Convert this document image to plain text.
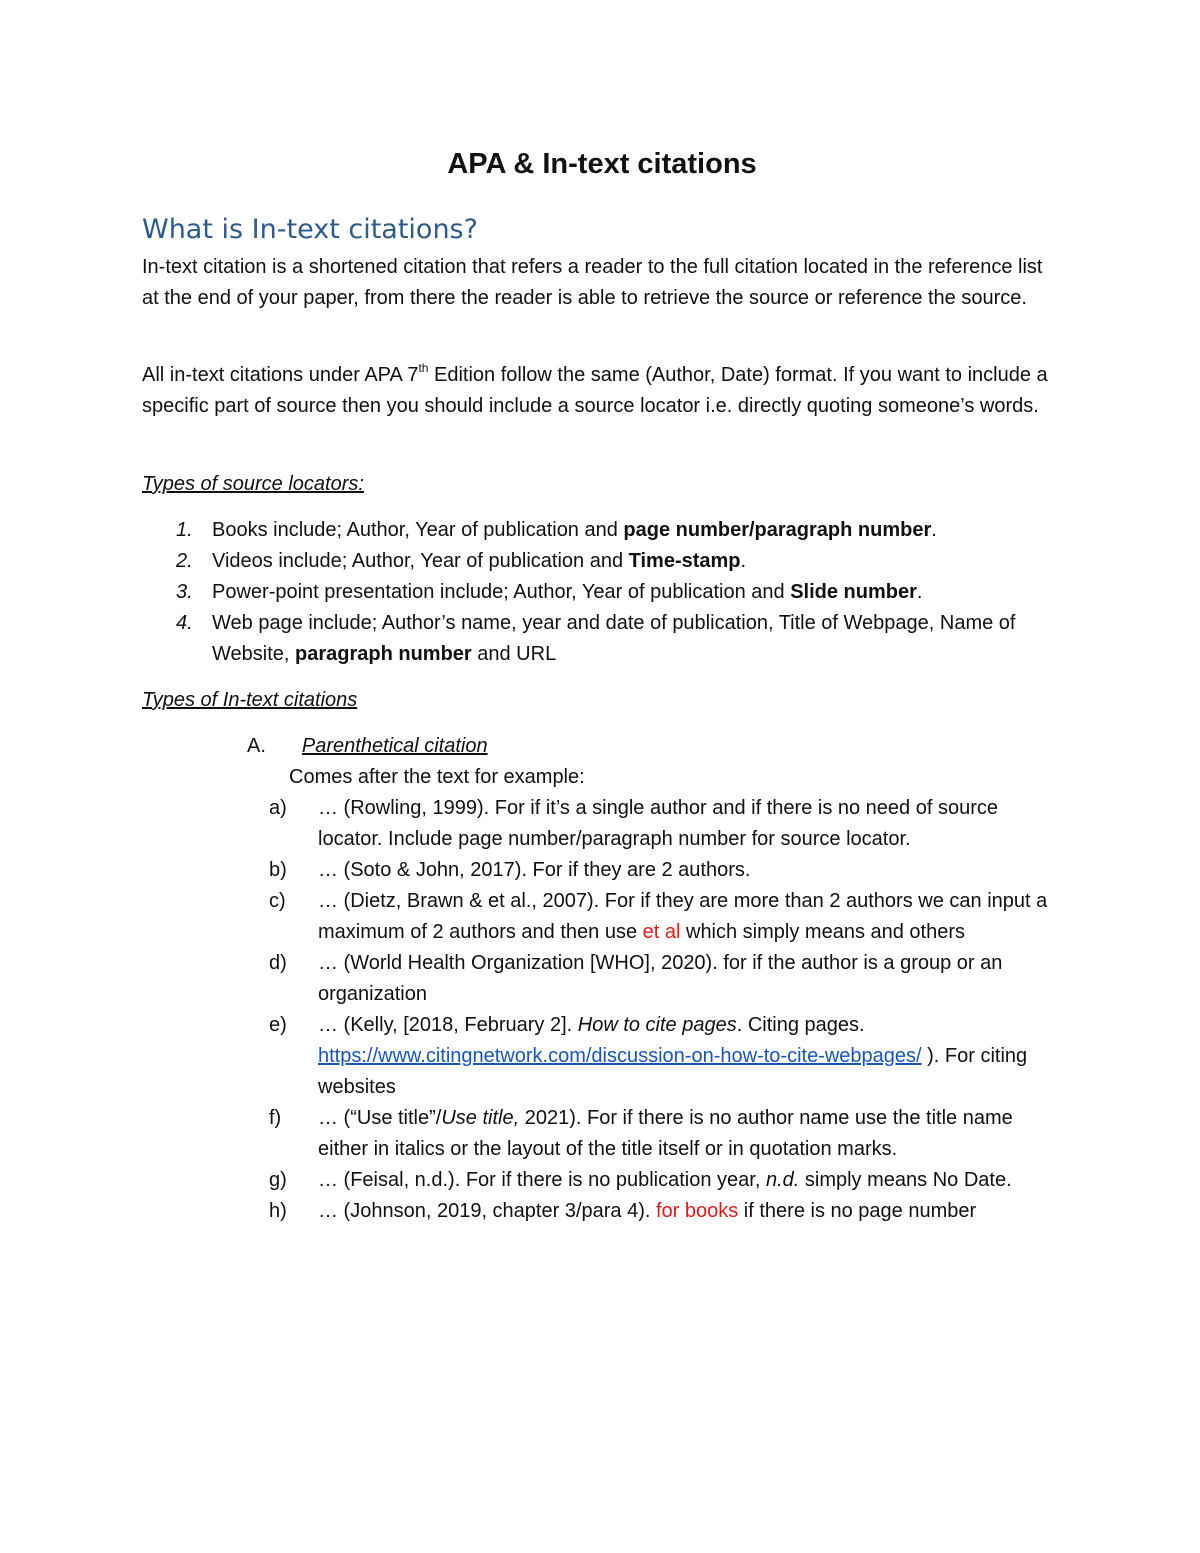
APA & In-text citations
What is In-text citations?

In-text citation is a shortened citation that refers a reader to the full citation located in the reference list at the end of your paper, from there the reader is able to retrieve the source or reference the source.

All in-text citations under APA 7th Edition follow the same (Author, Date) format. If you want to include a specific part of source then you should include a source locator i.e. directly quoting someone’s words.

Types of source locators:

1. Books include; Author, Year of publication and page number/paragraph number.
2. Videos include; Author, Year of publication and Time-stamp.
3. Power-point presentation include; Author, Year of publication and Slide number.
4. Web page include; Author’s name, year and date of publication, Title of Webpage, Name of Website, paragraph number and URL

Types of In-text citations

A. Parenthetical citation
Comes after the text for example:
a) … (Rowling, 1999). For if it’s a single author and if there is no need of source locator. Include page number/paragraph number for source locator.
b) … (Soto & John, 2017). For if they are 2 authors.
c) … (Dietz, Brawn & et al., 2007). For if they are more than 2 authors we can input a maximum of 2 authors and then use et al which simply means and others
d) … (World Health Organization [WHO], 2020). for if the author is a group or an organization
e) … (Kelly, [2018, February 2]. How to cite pages. Citing pages. https://www.citingnetwork.com/discussion-on-how-to-cite-webpages/ ). For citing websites
f) … (“Use title”/Use title, 2021). For if there is no author name use the title name either in italics or the layout of the title itself or in quotation marks.
g) … (Feisal, n.d.). For if there is no publication year, n.d. simply means No Date.
h) … (Johnson, 2019, chapter 3/para 4). for books if there is no page number
